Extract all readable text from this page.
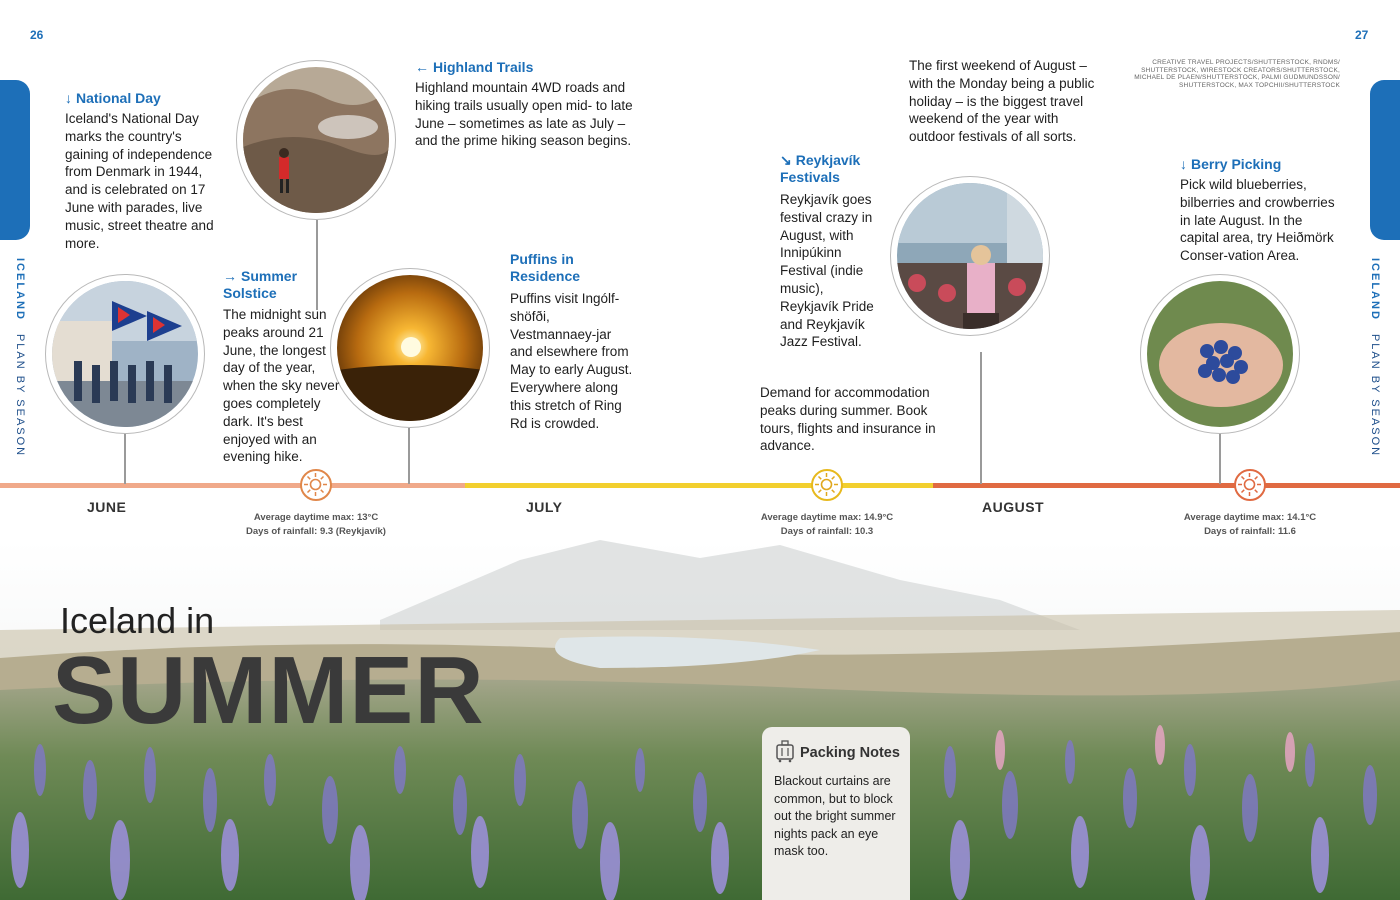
26	27
ICELAND PLAN BY SEASON
ICELAND PLAN BY SEASON
CREATIVE TRAVEL PROJECTS/SHUTTERSTOCK, RNDMS/ SHUTTERSTOCK, WIRESTOCK CREATORS/SHUTTERSTOCK, MICHAEL DE PLAEN/SHUTTERSTOCK, PALMI GUDMUNDSSON/ SHUTTERSTOCK, MAX TOPCHII/SHUTTERSTOCK
↓ National Day
Iceland's National Day marks the country's gaining of independence from Denmark in 1944, and is celebrated on 17 June with parades, live music, street theatre and more.
→ Summer Solstice
The midnight sun peaks around 21 June, the longest day of the year, when the sky never goes completely dark. It's best enjoyed with an evening hike.
← Highland Trails
Highland mountain 4WD roads and hiking trails usually open mid- to late June – sometimes as late as July – and the prime hiking season begins.
Puffins in Residence
Puffins visit Ingólf-shöfði, Vestmannaey-jar and elsewhere from May to early August. Everywhere along this stretch of Ring Rd is crowded.
Demand for accommodation peaks during summer. Book tours, flights and insurance in advance.
↘ Reykjavík Festivals
Reykjavík goes festival crazy in August, with Innipúkinn Festival (indie music), Reykjavík Pride and Reykjavík Jazz Festival.
The first weekend of August – with the Monday being a public holiday – is the biggest travel weekend of the year with outdoor festivals of all sorts.
↓ Berry Picking
Pick wild blueberries, bilberries and crowberries in late August. In the capital area, try Heiðmörk Conser-vation Area.
JUNE	JULY	AUGUST
Average daytime max: 13°C
Days of rainfall: 9.3 (Reykjavík)
Average daytime max: 14.9°C
Days of rainfall: 10.3
Average daytime max: 14.1°C
Days of rainfall: 11.6
Iceland in
SUMMER
Packing Notes
Blackout curtains are common, but to block out the bright summer nights pack an eye mask too.
